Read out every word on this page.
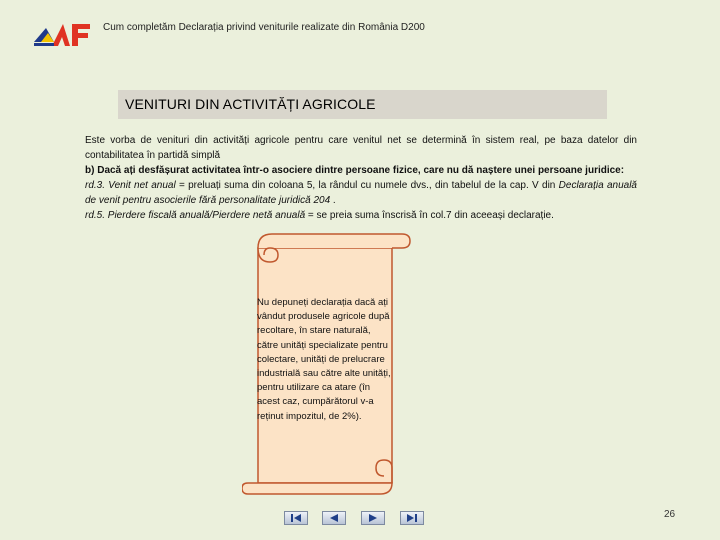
Cum completăm Declarația privind veniturile realizate din România D200
VENITURI DIN ACTIVITĂȚI AGRICOLE

Este vorba de venituri din activități agricole pentru care venitul net se determină în sistem real, pe baza datelor din contabilitatea în partidă simplă

b) Dacă ați desfășurat activitatea într-o asociere dintre persoane fizice, care nu dă naștere unei persoane juridice:

rd.3. Venit net anual = preluați suma din coloana 5, la rândul cu numele dvs., din tabelul de la cap. V din Declarația anuală de venit pentru asocierile fără personalitate juridică 204 .

rd.5. Pierdere fiscală anuală/Pierdere netă anuală = se preia suma înscrisă în col.7 din aceeași declarație.

Nu depuneți declarația dacă ați vândut produsele agricole după recoltare, în stare naturală, către unități specializate pentru colectare, unități de prelucrare industrială sau către alte unități, pentru utilizare ca atare (în acest caz, cumpărătorul v-a reținut impozitul, de 2%).
26
